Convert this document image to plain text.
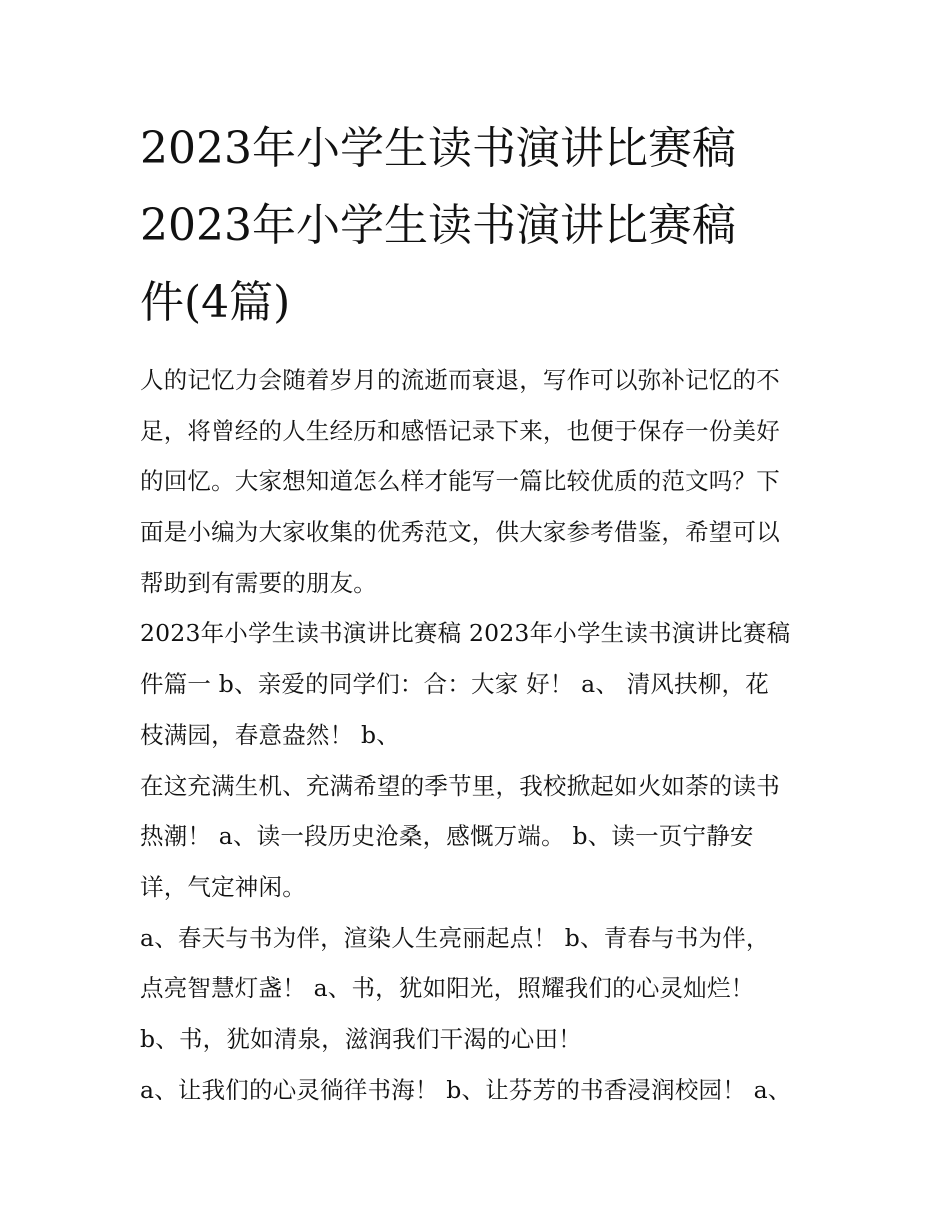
2023年小学生读书演讲比赛稿
2023年小学生读书演讲比赛稿
件(4篇)
人的记忆力会随着岁月的流逝而衰退，写作可以弥补记忆的不
足，将曾经的人生经历和感悟记录下来，也便于保存一份美好
的回忆。大家想知道怎么样才能写一篇比较优质的范文吗？下
面是小编为大家收集的优秀范文，供大家参考借鉴，希望可以
帮助到有需要的朋友。
2023年小学生读书演讲比赛稿 2023年小学生读书演讲比赛稿
件篇一 b、亲爱的同学们：合：大家 好！ a、 清风扶柳，花
枝满园，春意盎然！ b、
在这充满生机、充满希望的季节里，我校掀起如火如荼的读书
热潮！ a、读一段历史沧桑，感慨万端。 b、读一页宁静安
详，气定神闲。
a、春天与书为伴，渲染人生亮丽起点！ b、青春与书为伴，
点亮智慧灯盏！ a、书，犹如阳光，照耀我们的心灵灿烂！
b、书，犹如清泉，滋润我们干渴的心田！
a、让我们的心灵徜徉书海！ b、让芬芳的书香浸润校园！ a、
